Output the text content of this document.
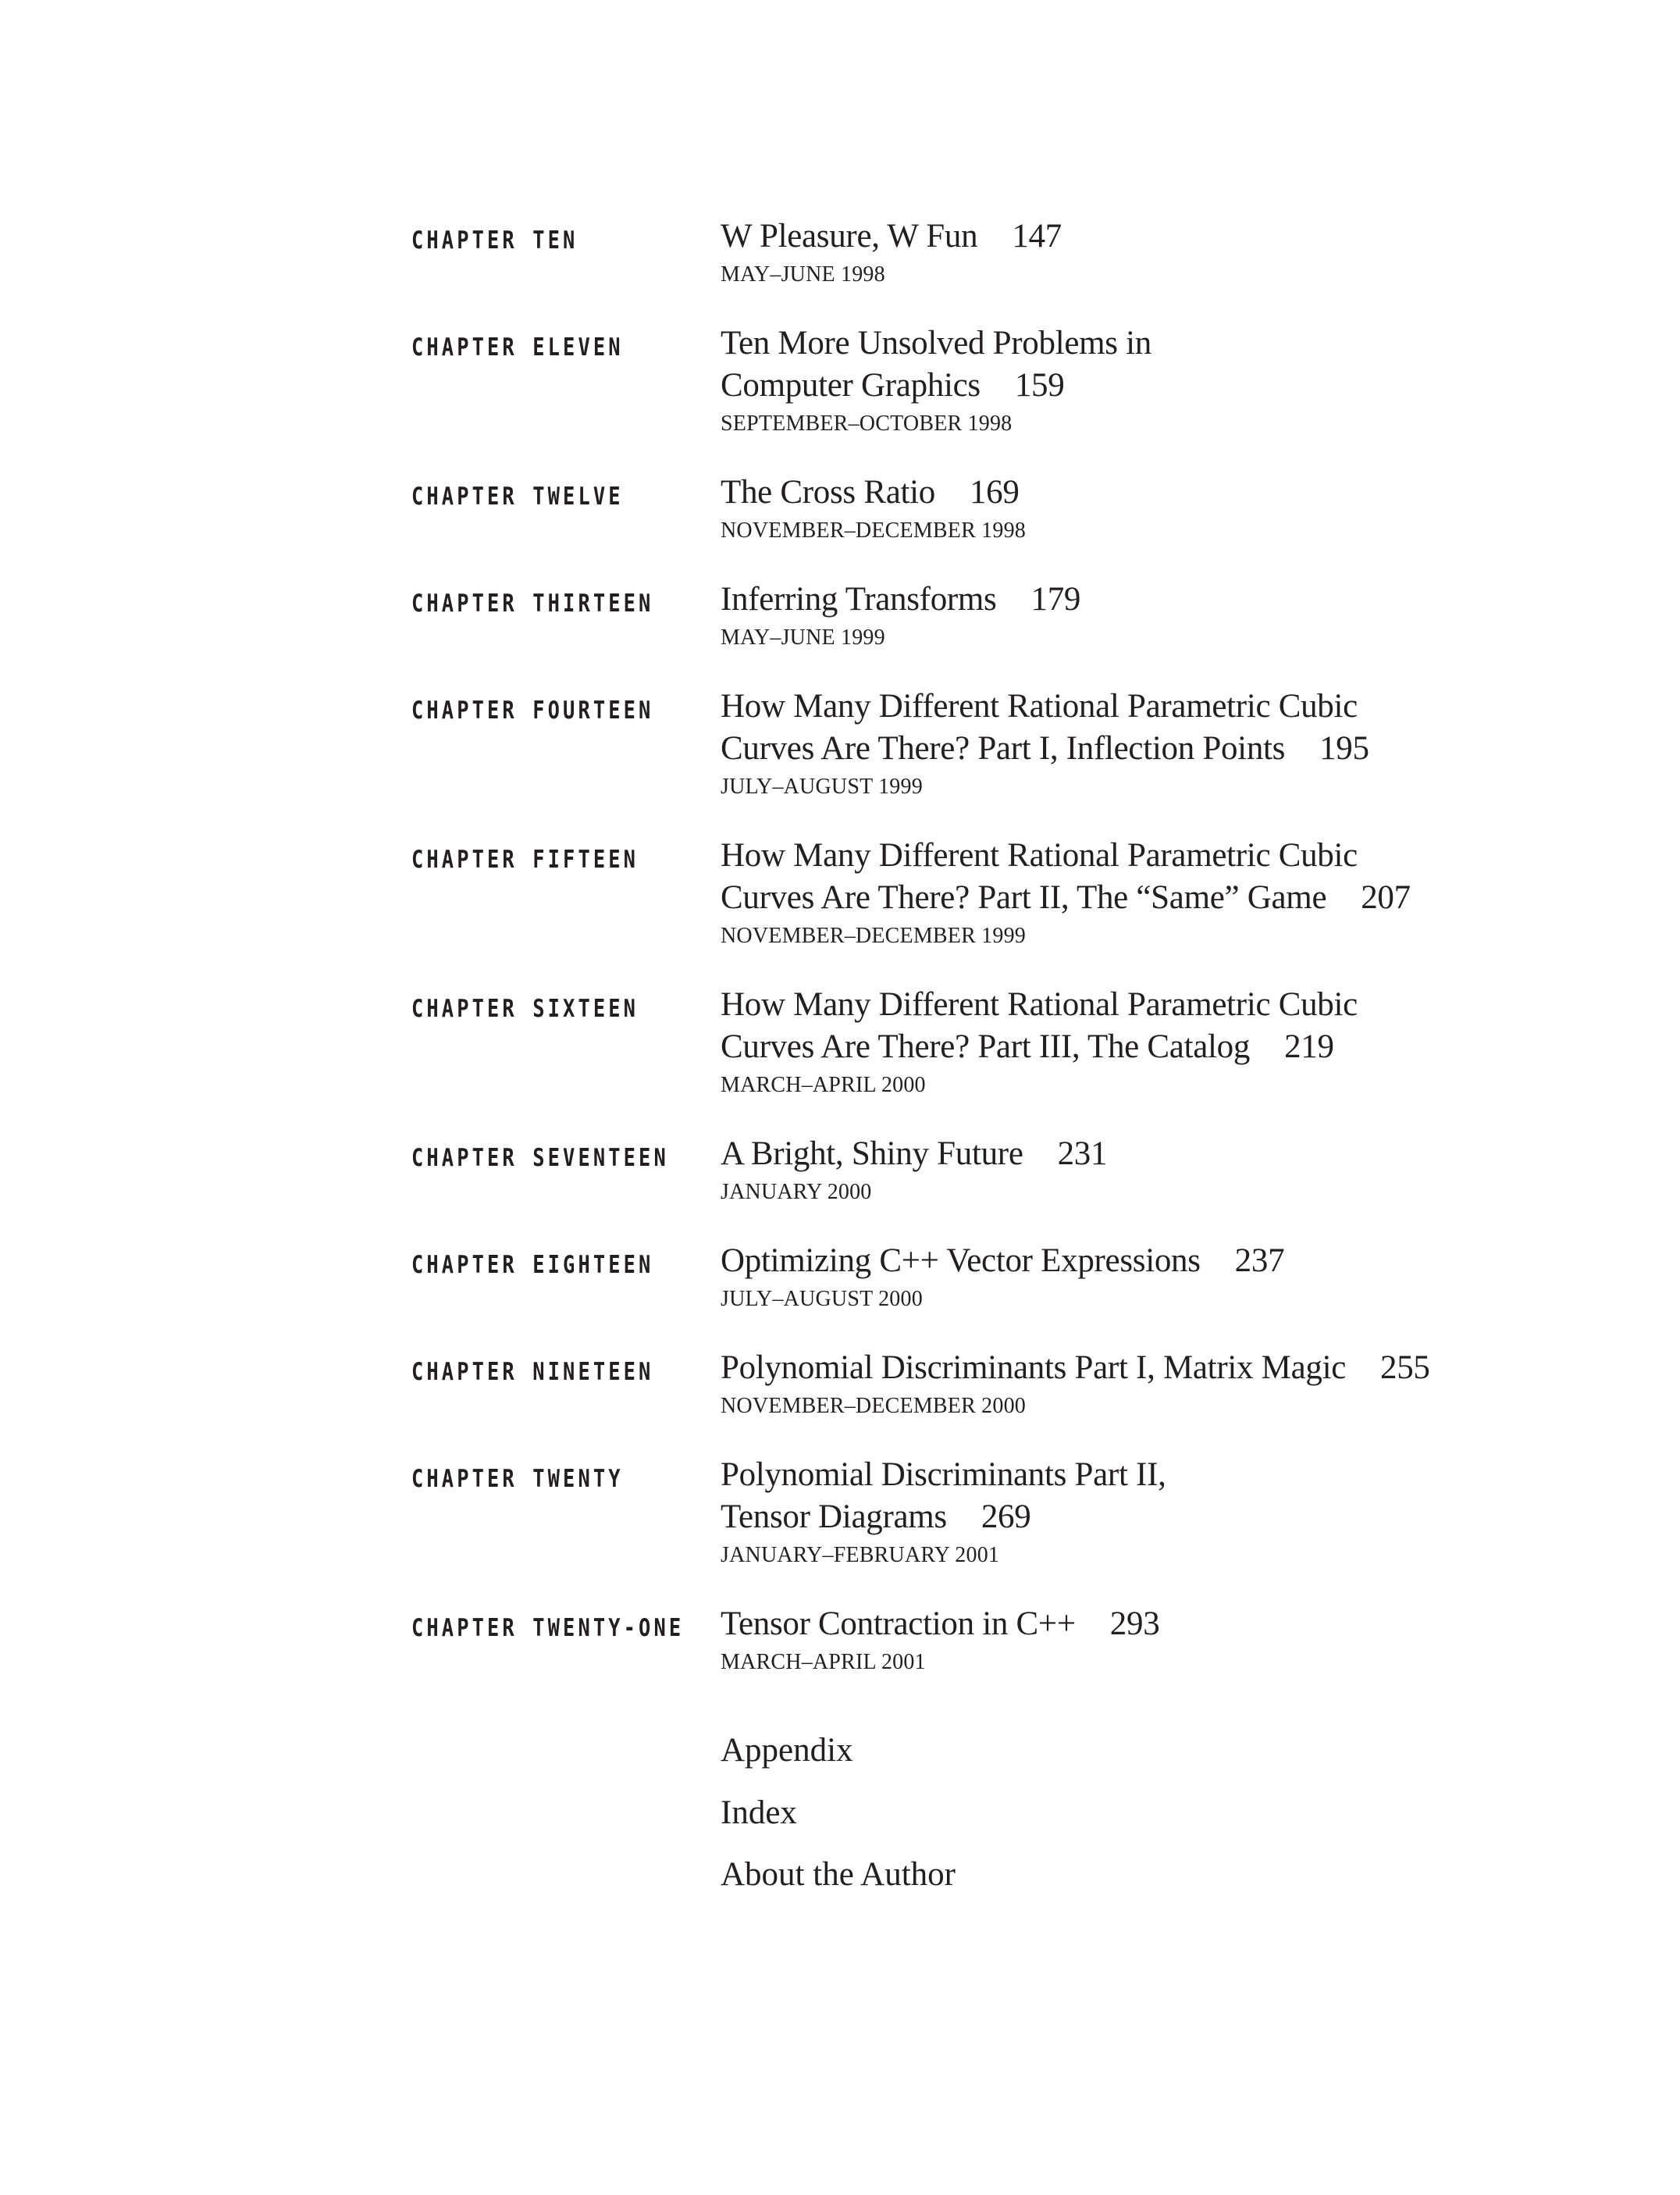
CHAPTER TEN	W Pleasure, W Fun 147
MAY–JUNE 1998
CHAPTER ELEVEN	Ten More Unsolved Problems in
Computer Graphics 159
SEPTEMBER–OCTOBER 1998
CHAPTER TWELVE	The Cross Ratio 169
NOVEMBER–DECEMBER 1998
CHAPTER THIRTEEN Inferring Transforms 179
MAY–JUNE 1999
CHAPTER FOURTEEN How Many Different Rational Parametric Cubic
Curves Are There? Part I, Inflection Points 195
JULY–AUGUST 1999
CHAPTER FIFTEEN How Many Different Rational Parametric Cubic
Curves Are There? Part II, The “Same” Game 207
NOVEMBER–DECEMBER 1999
CHAPTER SIXTEEN How Many Different Rational Parametric Cubic
Curves Are There? Part III, The Catalog 219
MARCH–APRIL 2000
CHAPTER SEVENTEEN A Bright, Shiny Future 231
JANUARY 2000
CHAPTER EIGHTEEN Optimizing C++ Vector Expressions 237
JULY–AUGUST 2000
CHAPTER NINETEEN Polynomial Discriminants Part I, Matrix Magic 255
NOVEMBER–DECEMBER 2000
CHAPTER TWENTY	Polynomial Discriminants Part II,
Tensor Diagrams 269
JANUARY–FEBRUARY 2001
CHAPTER TWENTY-ONE Tensor Contraction in C++ 293
MARCH–APRIL 2001
Appendix
Index
About the Author
